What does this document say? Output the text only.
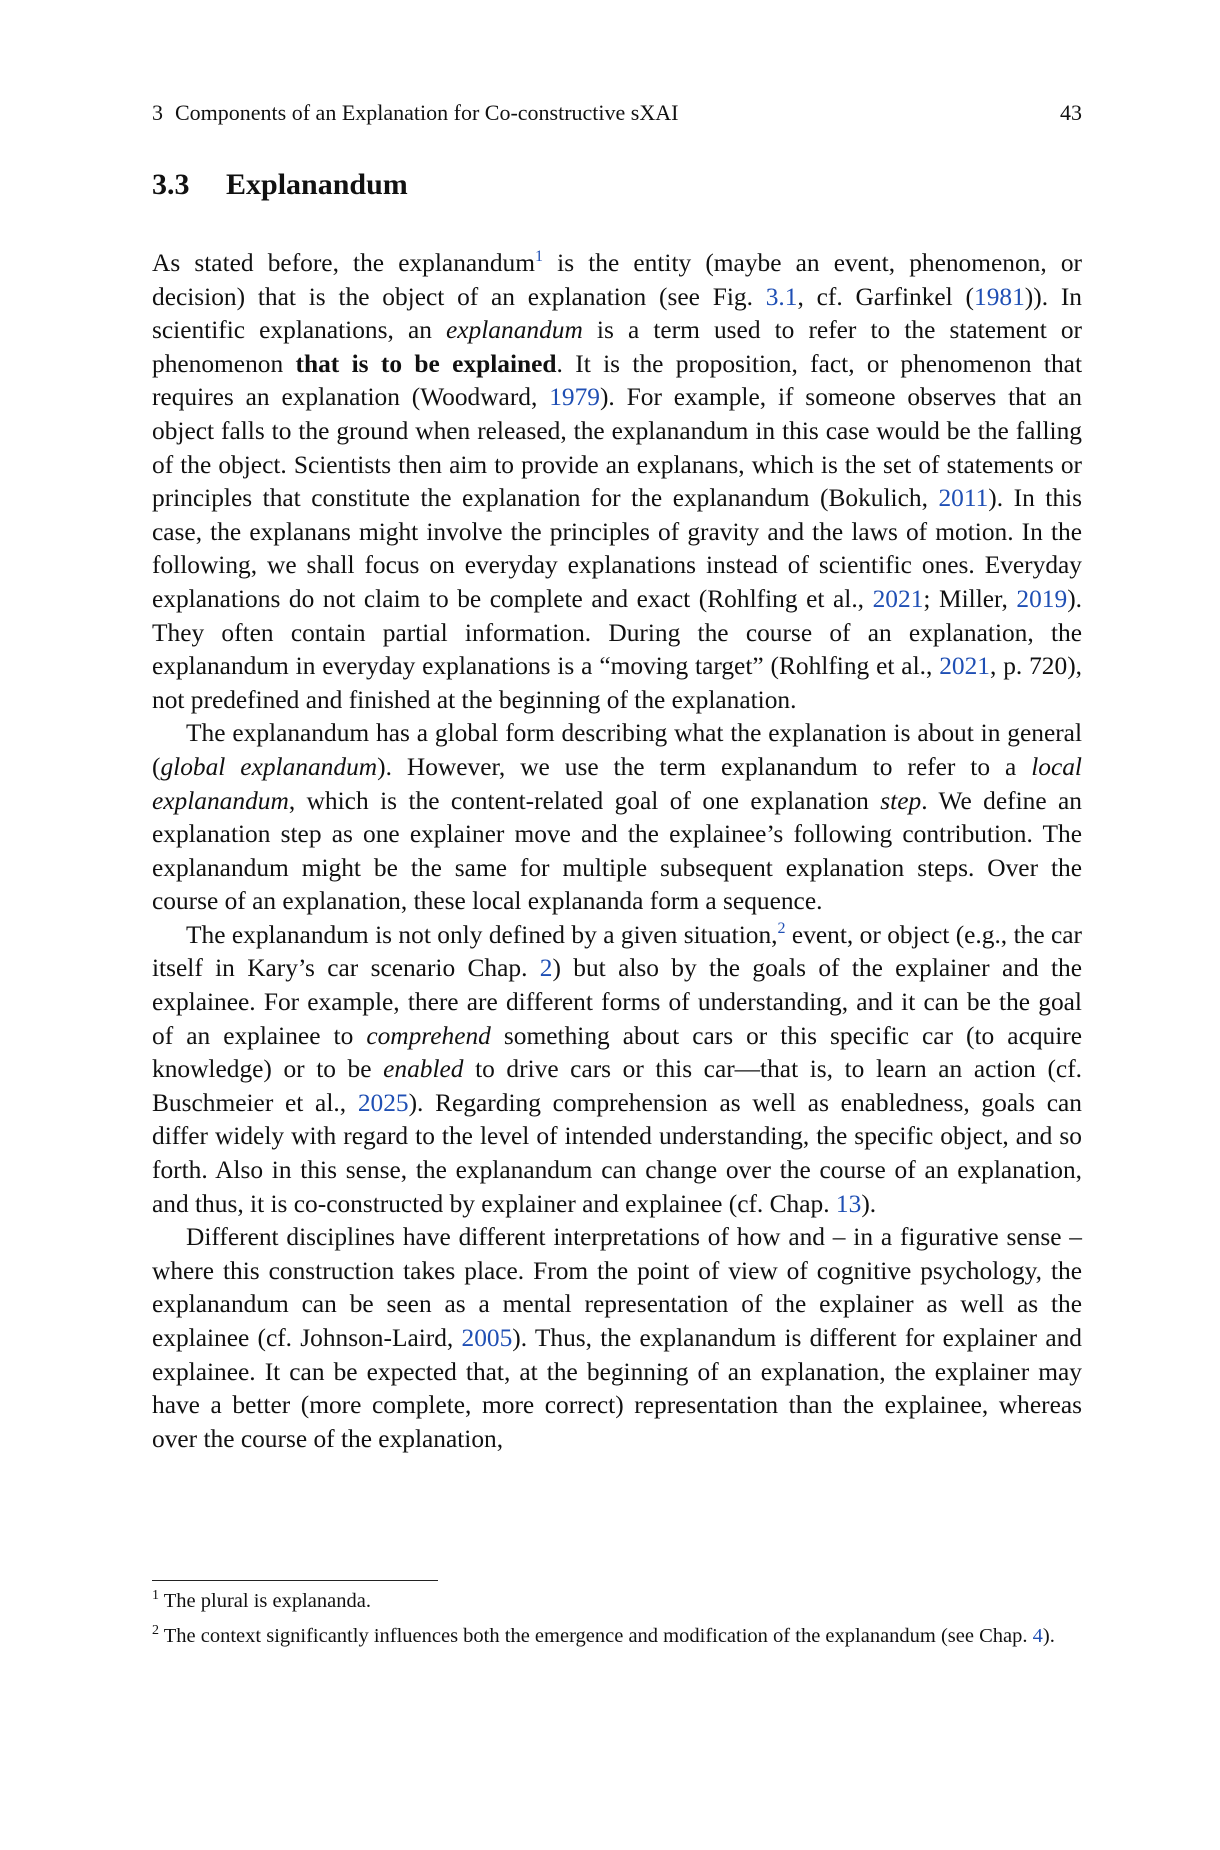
3 Components of an Explanation for Co-constructive sXAI	43
3.3 Explanandum

As stated before, the explanandum$^1$ is the entity (maybe an event, phenomenon, or decision) that is the object of an explanation (see Fig. 3.1, cf. Garfinkel (1981)). In scientific explanations, an explanandum is a term used to refer to the statement or phenomenon that is to be explained. It is the proposition, fact, or phenomenon that requires an explanation (Woodward, 1979). For example, if someone observes that an object falls to the ground when released, the explanandum in this case would be the falling of the object. Scientists then aim to provide an explanans, which is the set of statements or principles that constitute the explanation for the explanandum (Bokulich, 2011). In this case, the explanans might involve the principles of gravity and the laws of motion. In the following, we shall focus on everyday explanations instead of scientific ones. Everyday explanations do not claim to be complete and exact (Rohlfing et al., 2021; Miller, 2019). They often contain partial information. During the course of an explanation, the explanandum in everyday explanations is a “moving target” (Rohlfing et al., 2021, p. 720), not predefined and finished at the beginning of the explanation.

The explanandum has a global form describing what the explanation is about in general (global explanandum). However, we use the term explanandum to refer to a local explanandum, which is the content-related goal of one explanation step. We define an explanation step as one explainer move and the explainee’s following contribution. The explanandum might be the same for multiple subsequent explanation steps. Over the course of an explanation, these local explananda form a sequence.

The explanandum is not only defined by a given situation,$^2$ event, or object (e.g., the car itself in Kary’s car scenario Chap. 2) but also by the goals of the explainer and the explainee. For example, there are different forms of understanding, and it can be the goal of an explainee to comprehend something about cars or this specific car (to acquire knowledge) or to be enabled to drive cars or this car—that is, to learn an action (cf. Buschmeier et al., 2025). Regarding comprehension as well as enabledness, goals can differ widely with regard to the level of intended understanding, the specific object, and so forth. Also in this sense, the explanandum can change over the course of an explanation, and thus, it is co-constructed by explainer and explainee (cf. Chap. 13).

Different disciplines have different interpretations of how and – in a figurative sense – where this construction takes place. From the point of view of cognitive psychology, the explanandum can be seen as a mental representation of the explainer as well as the explainee (cf. Johnson-Laird, 2005). Thus, the explanandum is different for explainer and explainee. It can be expected that, at the beginning of an explanation, the explainer may have a better (more complete, more correct) representation than the explainee, whereas over the course of the explanation,

$^1$ The plural is explananda.

$^2$ The context significantly influences both the emergence and modification of the explanandum (see Chap. 4).
